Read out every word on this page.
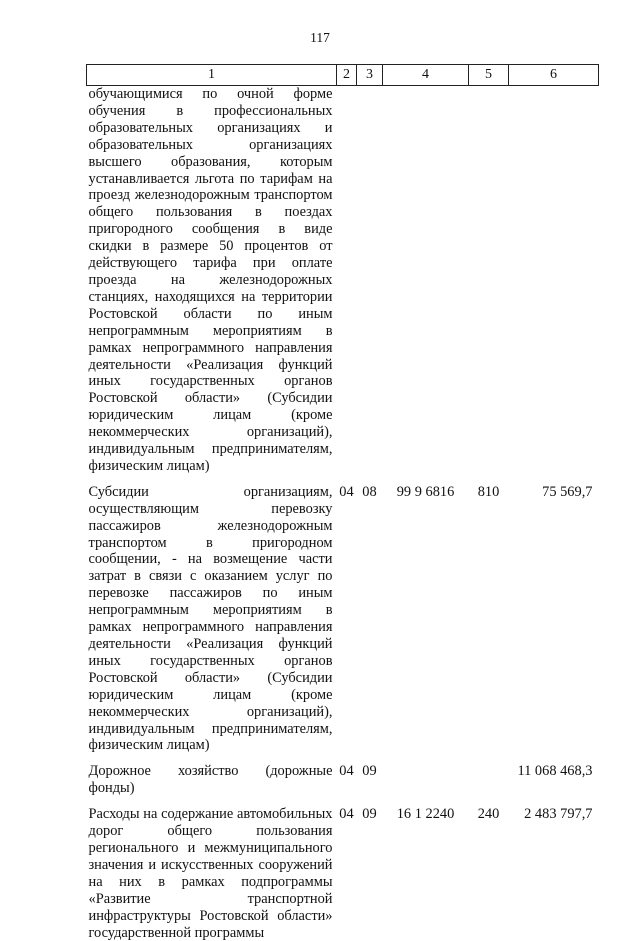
117
1	2	3	4	5	6
обучающимися по очной форме обучения в профессиональных образовательных организациях и образовательных организациях высшего образования, которым устанавливается льгота по тарифам на проезд железнодорожным транспортом общего пользования в поездах пригородного сообщения в виде скидки в размере 50 процентов от действующего тарифа при оплате проезда на железнодорожных станциях, находящихся на территории Ростовской области по иным непрограммным мероприятиям в рамках непрограммного направления деятельности «Реализация функций иных государственных органов Ростовской области» (Субсидии юридическим лицам (кроме некоммерческих организаций), индивидуальным предпринимателям, физическим лицам)					
Субсидии организациям, осуществляющим перевозку пассажиров железнодорожным транспортом в пригородном сообщении, - на возмещение части затрат в связи с оказанием услуг по перевозке пассажиров по иным непрограммным мероприятиям в рамках непрограммного направления деятельности «Реализация функций иных государственных органов Ростовской области» (Субсидии юридическим лицам (кроме некоммерческих организаций), индивидуальным предпринимателям, физическим лицам)	04	08	99 9 6816	810	75 569,7
Дорожное хозяйство (дорожные фонды)	04	09			11 068 468,3
Расходы на содержание автомобильных дорог общего пользования регионального и межмуниципального значения и искусственных сооружений на них в рамках подпрограммы «Развитие транспортной инфраструктуры Ростовской области» государственной программы	04	09	16 1 2240	240	2 483 797,7
